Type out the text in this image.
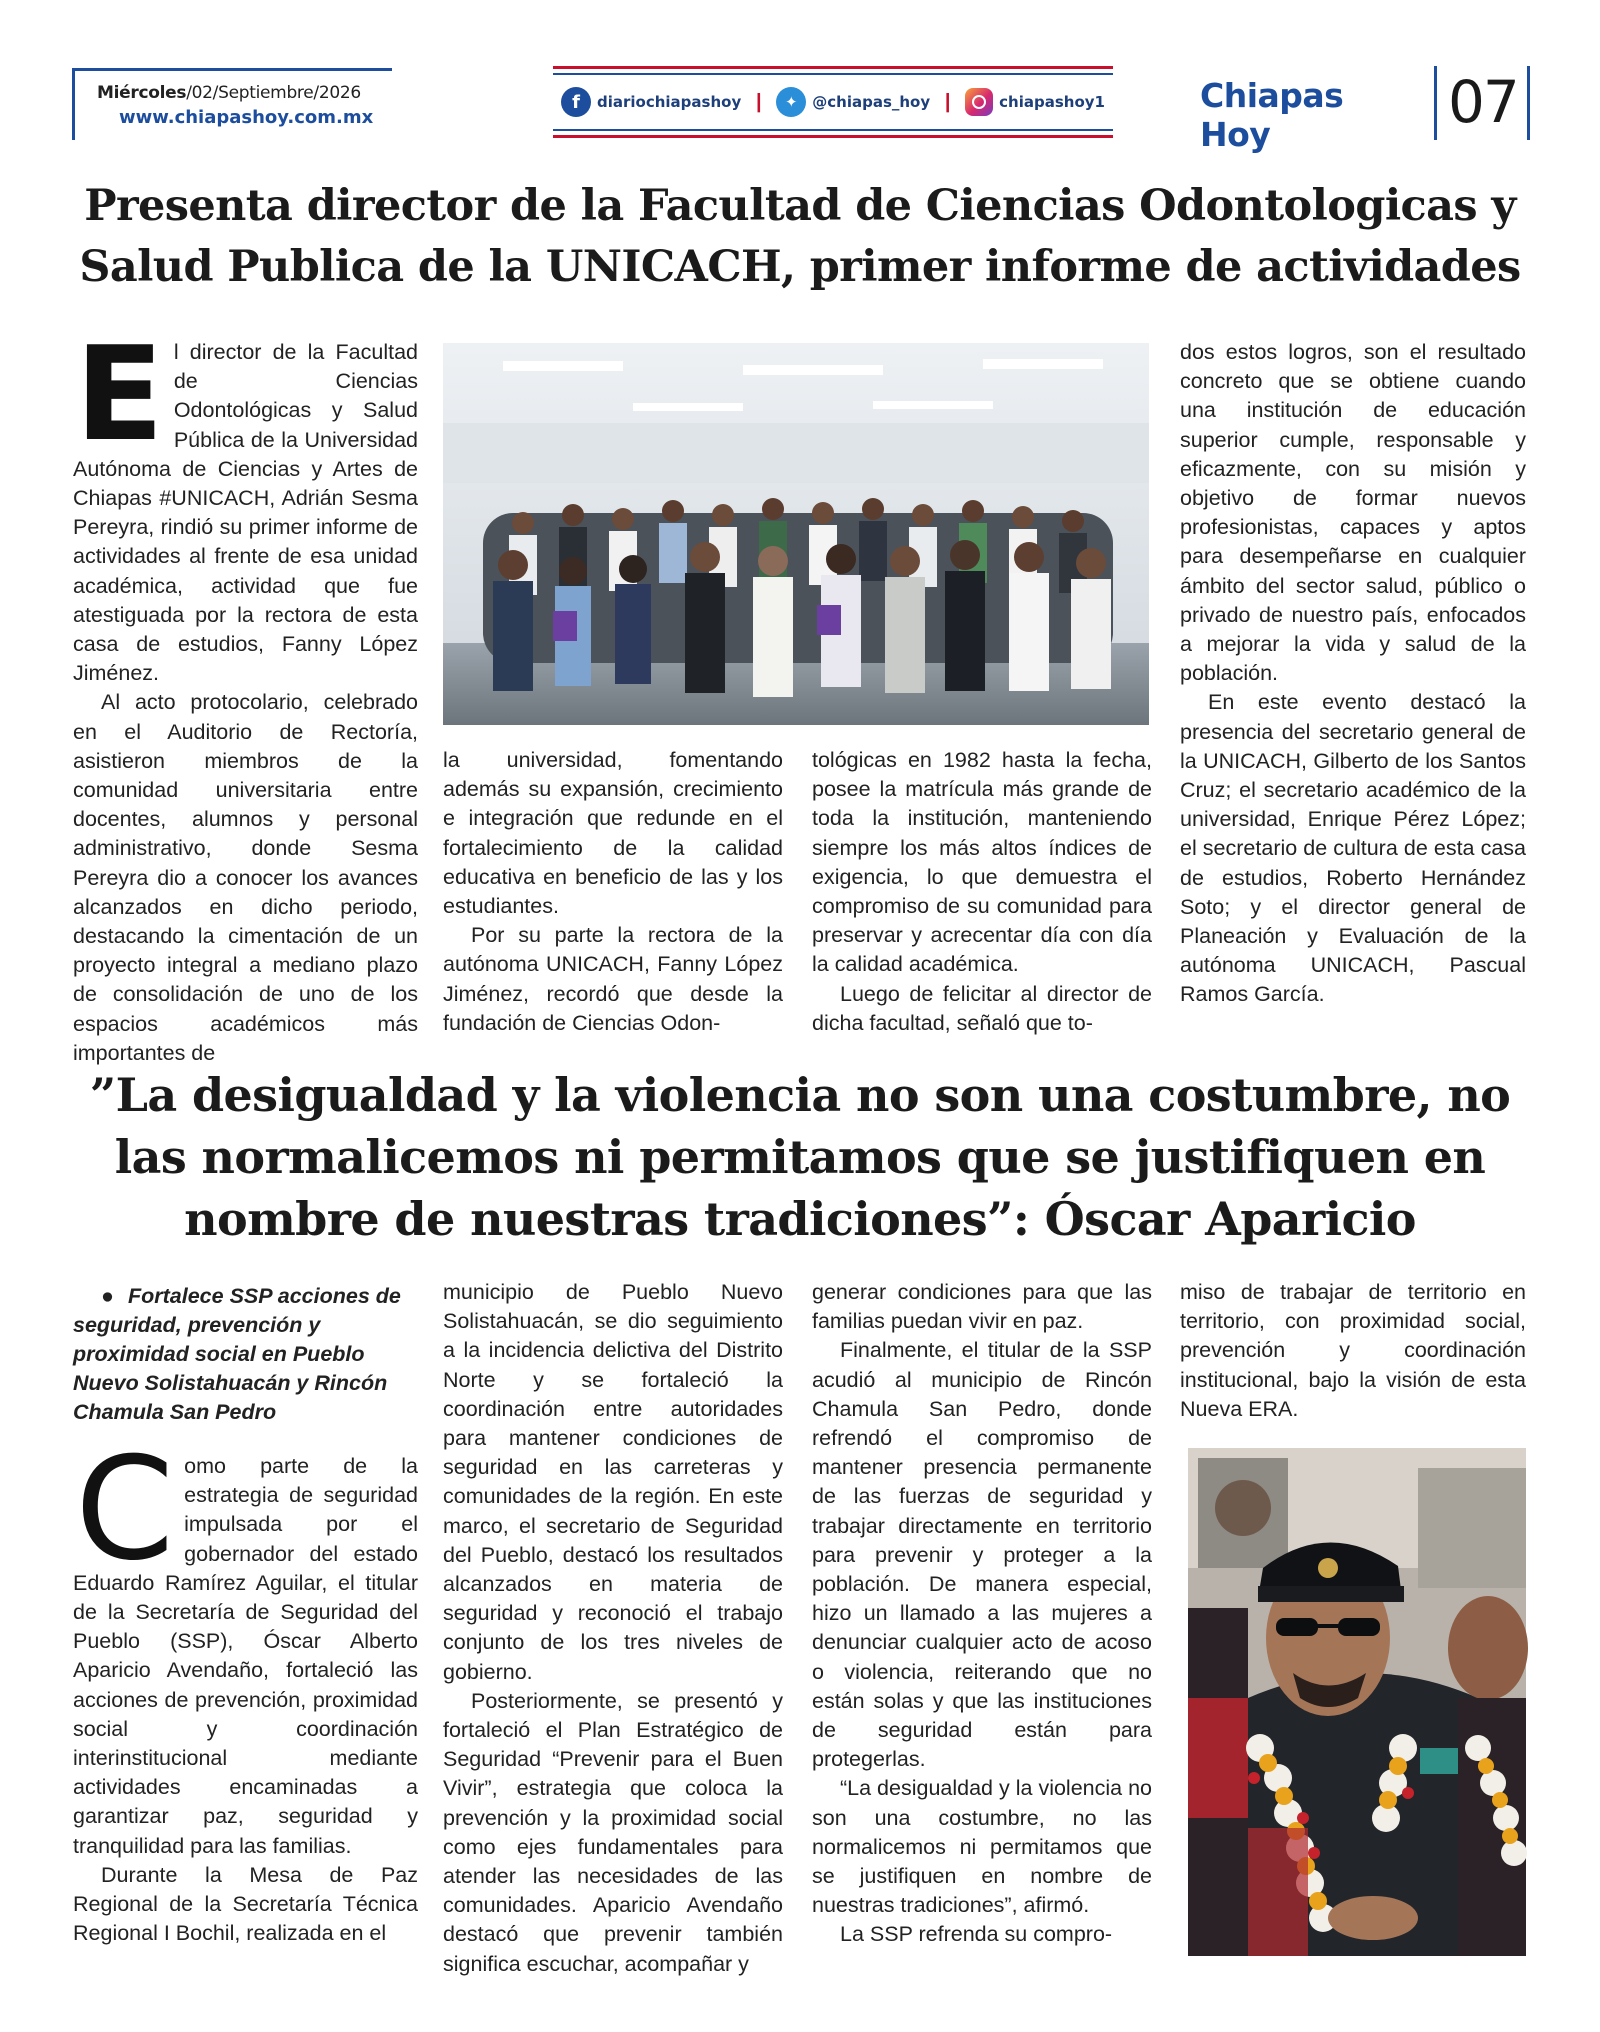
Miércoles/02/Septiembre/2026
www.chiapashoy.com.mx
f	diariochiapashoy |	✦ @chiapas_hoy |	chiapashoy1	Chiapas Hoy	07
Presenta director de la Facultad de Ciencias Odontologicas y Salud Publica de la UNICACH, primer informe de actividades

El director de la Facultad de Ciencias Odontológicas y Salud Pública de la Universidad Autónoma de Ciencias y Artes de Chiapas #UNICACH, Adrián Sesma Pereyra, rindió su primer informe de actividades al frente de esa unidad académica, actividad que fue atestiguada por la rectora de esta casa de estudios, Fanny López Jiménez.

Al acto protocolario, celebrado en el Auditorio de Rectoría, asistieron miembros de la comunidad universitaria entre docentes, alumnos y personal administrativo, donde Sesma Pereyra dio a conocer los avances alcanzados en dicho periodo, destacando la cimentación de un proyecto integral a mediano plazo de consolidación de uno de los espacios académicos más importantes de

la universidad, fomentando además su expansión, crecimiento e integración que redunde en el fortalecimiento de la calidad educativa en beneficio de las y los estudiantes.

Por su parte la rectora de la autónoma UNICACH, Fanny López Jiménez, recordó que desde la fundación de Ciencias Odon-

tológicas en 1982 hasta la fecha, posee la matrícula más grande de toda la institución, manteniendo siempre los más altos índices de exigencia, lo que demuestra el compromiso de su comunidad para preservar y acrecentar día con día la calidad académica.

Luego de felicitar al director de dicha facultad, señaló que to-

dos estos logros, son el resultado concreto que se obtiene cuando una institución de educación superior cumple, responsable y eficazmente, con su misión y objetivo de formar nuevos profesionistas, capaces y aptos para desempeñarse en cualquier ámbito del sector salud, público o privado de nuestro país, enfocados a mejorar la vida y salud de la población.

En este evento destacó la presencia del secretario general de la UNICACH, Gilberto de los Santos Cruz; el secretario académico de la universidad, Enrique Pérez López; el secretario de cultura de esta casa de estudios, Roberto Hernández Soto; y el director general de Planeación y Evaluación de la autónoma UNICACH, Pascual Ramos García.

”La desigualdad y la violencia no son una costumbre, no las normalicemos ni permitamos que se justifiquen en nombre de nuestras tradiciones”: Óscar Aparicio
● Fortalece SSP acciones de seguridad, prevención y proximidad social en Pueblo Nuevo Solistahuacán y Rincón Chamula San Pedro

Como parte de la estrategia de seguridad impulsada por el gobernador del estado Eduardo Ramírez Aguilar, el titular de la Secretaría de Seguridad del Pueblo (SSP), Óscar Alberto Aparicio Avendaño, fortaleció las acciones de prevención, proximidad social y coordinación interinstitucional mediante actividades encaminadas a garantizar paz, seguridad y tranquilidad para las familias.

Durante la Mesa de Paz Regional de la Secretaría Técnica Regional I Bochil, realizada en el

municipio de Pueblo Nuevo Solistahuacán, se dio seguimiento a la incidencia delictiva del Distrito Norte y se fortaleció la coordinación entre autoridades para mantener condiciones de seguridad en las carreteras y comunidades de la región. En este marco, el secretario de Seguridad del Pueblo, destacó los resultados alcanzados en materia de seguridad y reconoció el trabajo conjunto de los tres niveles de gobierno.

Posteriormente, se presentó y fortaleció el Plan Estratégico de Seguridad “Prevenir para el Buen Vivir”, estrategia que coloca la prevención y la proximidad social como ejes fundamentales para atender las necesidades de las comunidades. Aparicio Avendaño destacó que prevenir también significa escuchar, acompañar y

generar condiciones para que las familias puedan vivir en paz.

Finalmente, el titular de la SSP acudió al municipio de Rincón Chamula San Pedro, donde refrendó el compromiso de mantener presencia permanente de las fuerzas de seguridad y trabajar directamente en territorio para prevenir y proteger a la población. De manera especial, hizo un llamado a las mujeres a denunciar cualquier acto de acoso o violencia, reiterando que no están solas y que las instituciones de seguridad están para protegerlas.

“La desigualdad y la violencia no son una costumbre, no las normalicemos ni permitamos que se justifiquen en nombre de nuestras tradiciones”, afirmó.

La SSP refrenda su compro-

miso de trabajar de territorio en territorio, con proximidad social, prevención y coordinación institucional, bajo la visión de esta Nueva ERA.
